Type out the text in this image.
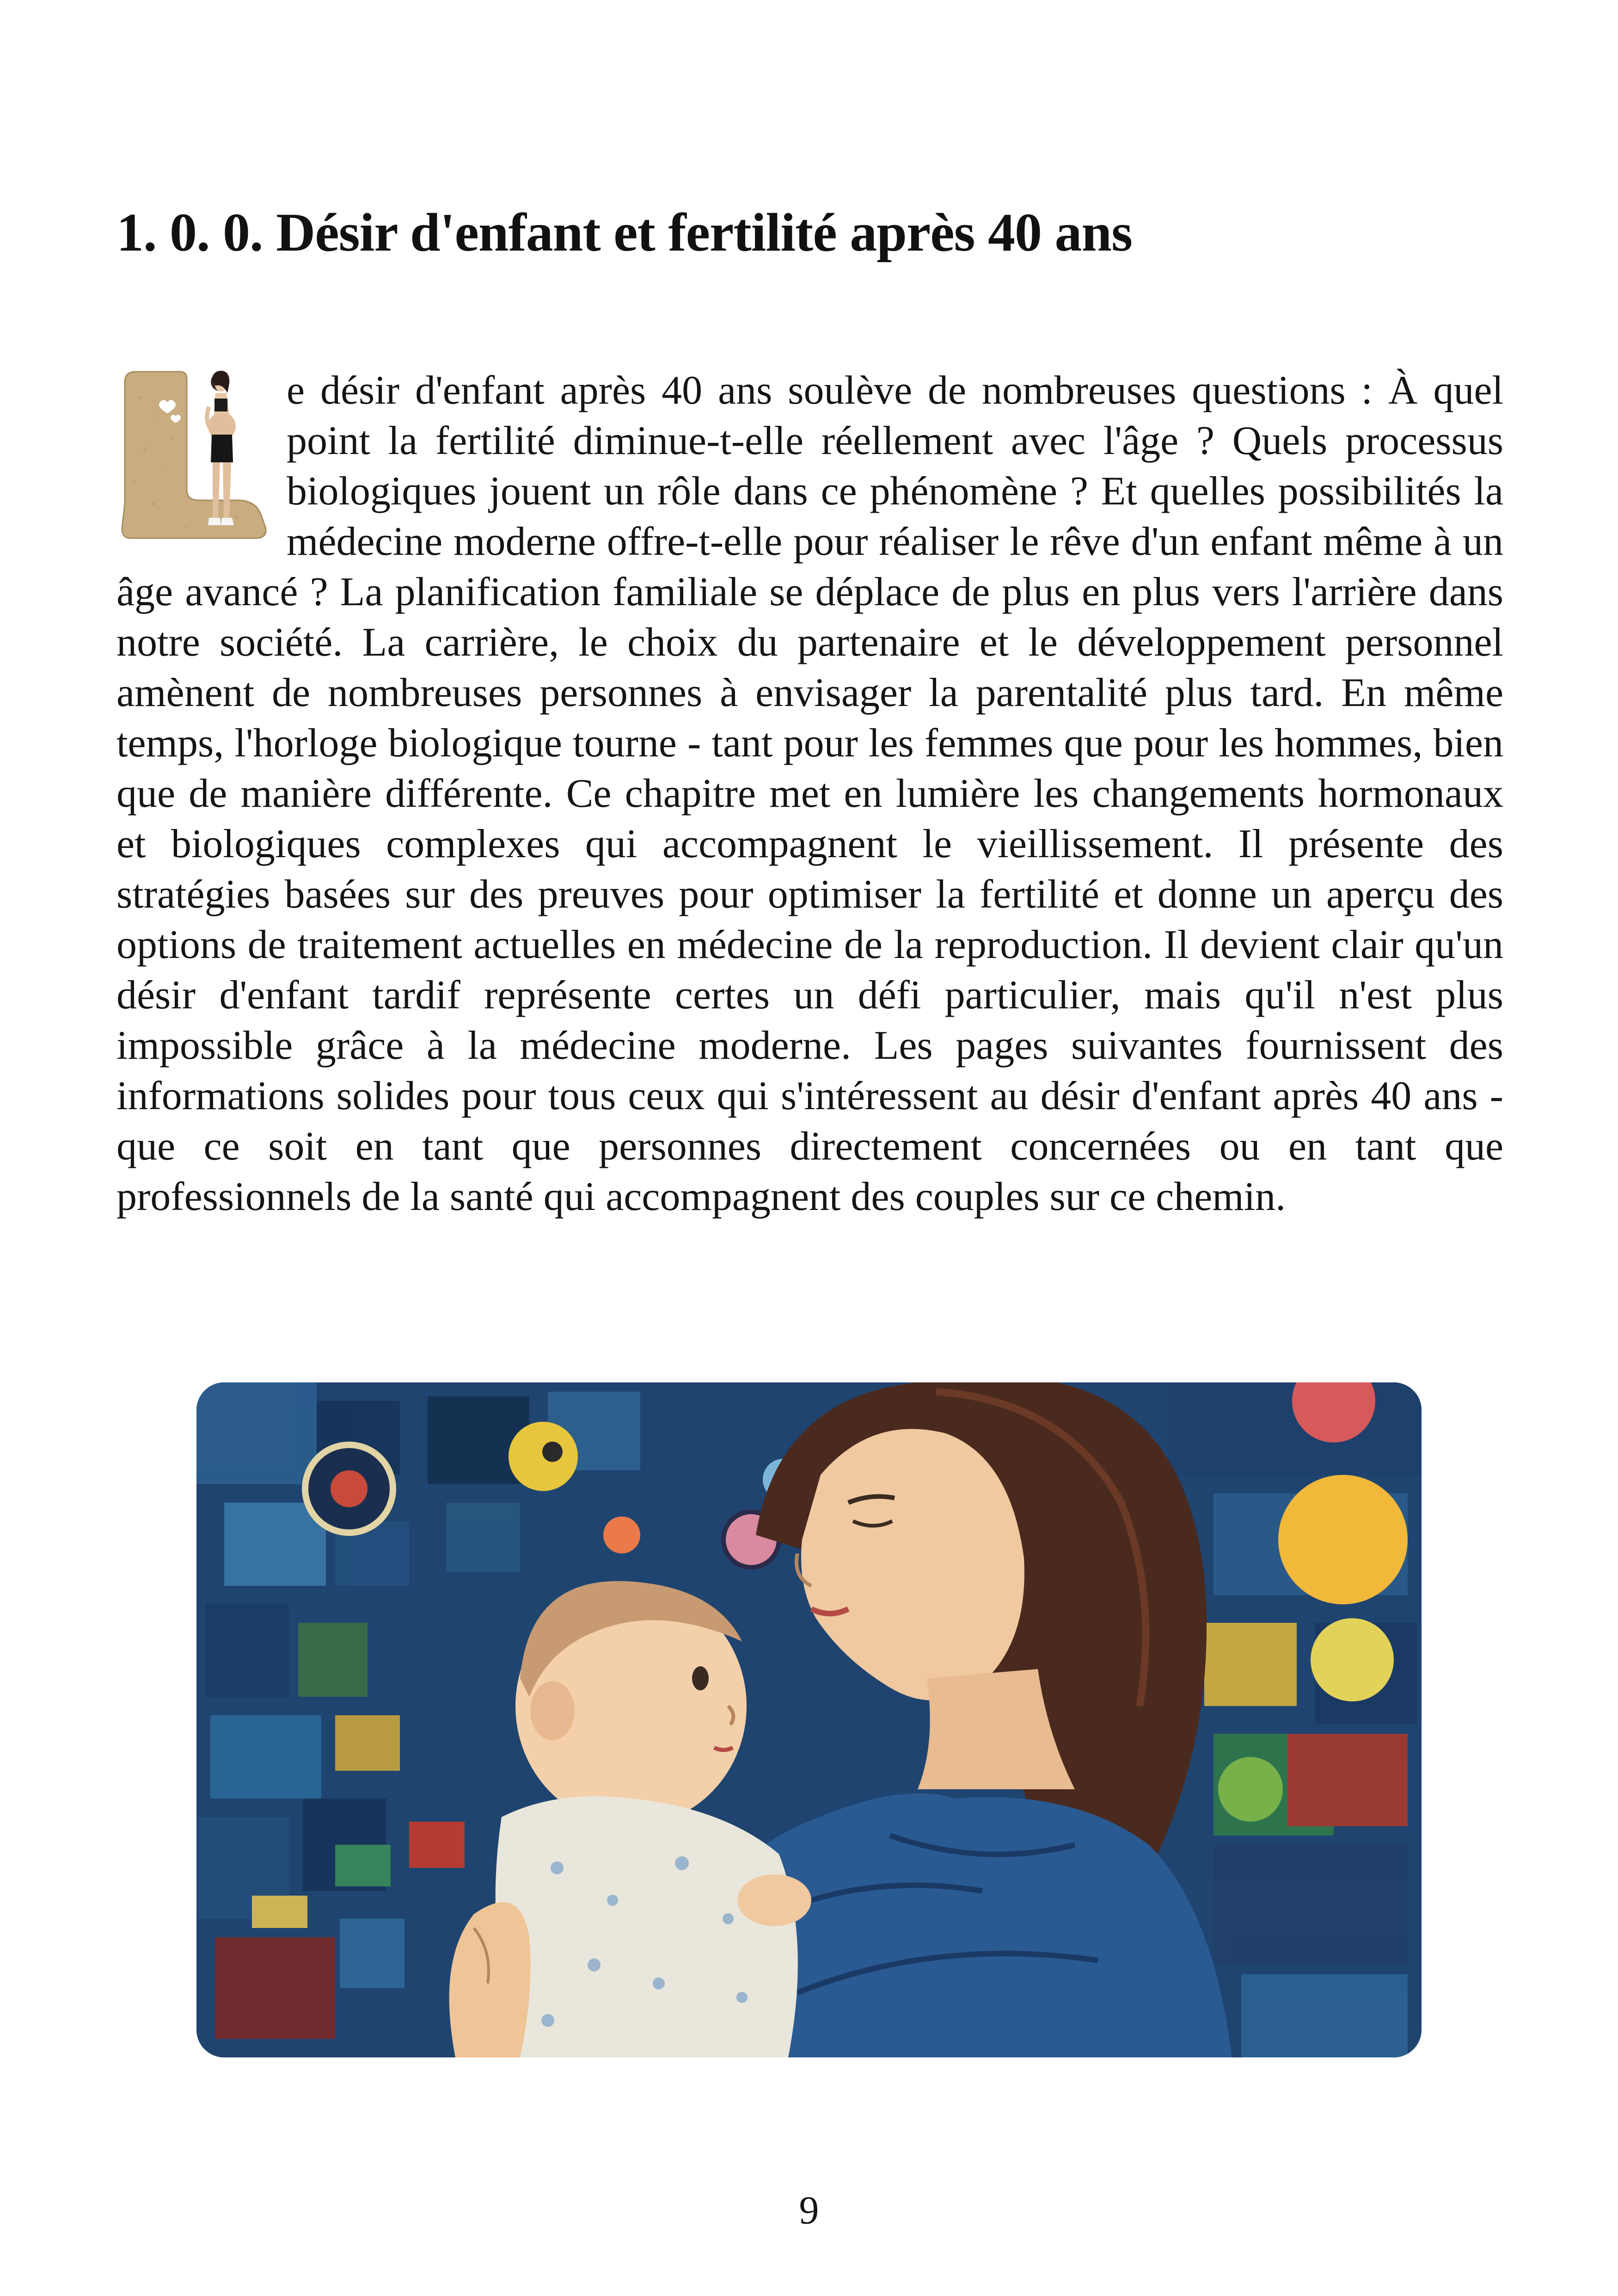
1. 0. 0. Désir d'enfant et fertilité après 40 ans

e désir d'enfant après 40 ans soulève de nombreuses questions : À quel point la fertilité diminue-t-elle réellement avec l'âge ? Quels processus biologiques jouent un rôle dans ce phénomène ? Et quelles possibilités la médecine moderne offre-t-elle pour réaliser le rêve d'un enfant même à un âge avancé ? La planification familiale se déplace de plus en plus vers l'arrière dans notre société. La carrière, le choix du partenaire et le développement personnel amènent de nombreuses personnes à envisager la parentalité plus tard. En même temps, l'horloge biologique tourne - tant pour les femmes que pour les hommes, bien que de manière différente. Ce chapitre met en lumière les changements hormonaux et biologiques complexes qui accompagnent le vieillissement. Il présente des stratégies basées sur des preuves pour optimiser la fertilité et donne un aperçu des options de traitement actuelles en médecine de la reproduction. Il devient clair qu'un désir d'enfant tardif représente certes un défi particulier, mais qu'il n'est plus impossible grâce à la médecine moderne. Les pages suivantes fournissent des informations solides pour tous ceux qui s'intéressent au désir d'enfant après 40 ans - que ce soit en tant que personnes directement concernées ou en tant que professionnels de la santé qui accompagnent des couples sur ce chemin.

9
